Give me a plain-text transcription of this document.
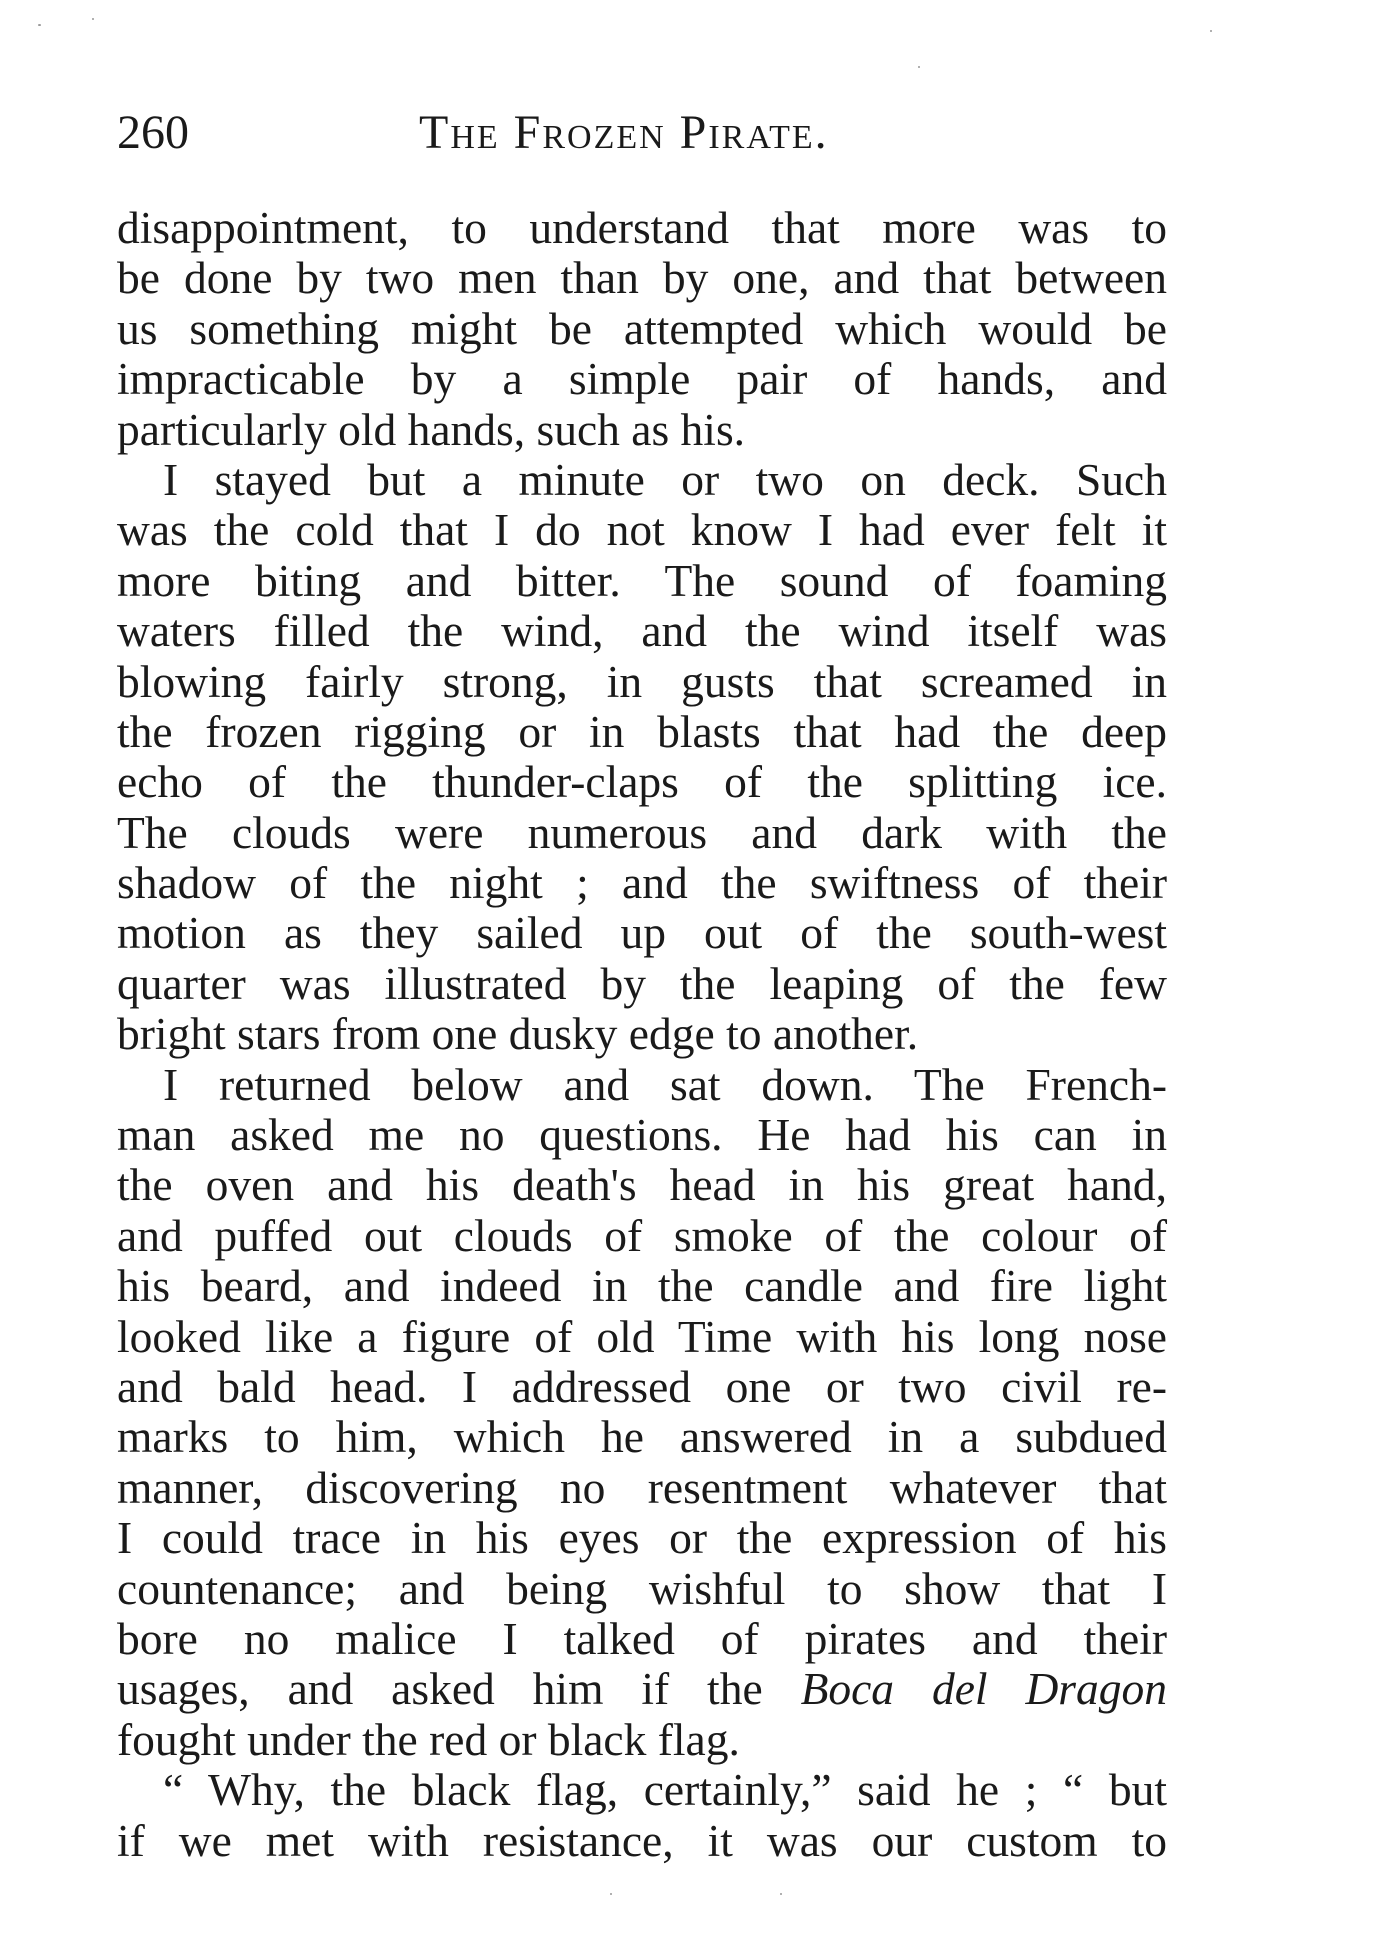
260	The Frozen Pirate.
disappointment, to understand that more was to
be done by two men than by one, and that between
us something might be attempted which would be
impracticable by a simple pair of hands, and
particularly old hands, such as his.
I stayed but a minute or two on deck. Such
was the cold that I do not know I had ever felt it
more biting and bitter. The sound of foaming
waters filled the wind, and the wind itself was
blowing fairly strong, in gusts that screamed in
the frozen rigging or in blasts that had the deep
echo of the thunder-claps of the splitting ice.
The clouds were numerous and dark with the
shadow of the night ; and the swiftness of their
motion as they sailed up out of the south-west
quarter was illustrated by the leaping of the few
bright stars from one dusky edge to another.
I returned below and sat down. The French-
man asked me no questions. He had his can in
the oven and his death's head in his great hand,
and puffed out clouds of smoke of the colour of
his beard, and indeed in the candle and fire light
looked like a figure of old Time with his long nose
and bald head. I addressed one or two civil re-
marks to him, which he answered in a subdued
manner, discovering no resentment whatever that
I could trace in his eyes or the expression of his
countenance; and being wishful to show that I
bore no malice I talked of pirates and their
usages, and asked him if the Boca del Dragon
fought under the red or black flag.
“ Why, the black flag, certainly,” said he ; “ but
if we met with resistance, it was our custom to
